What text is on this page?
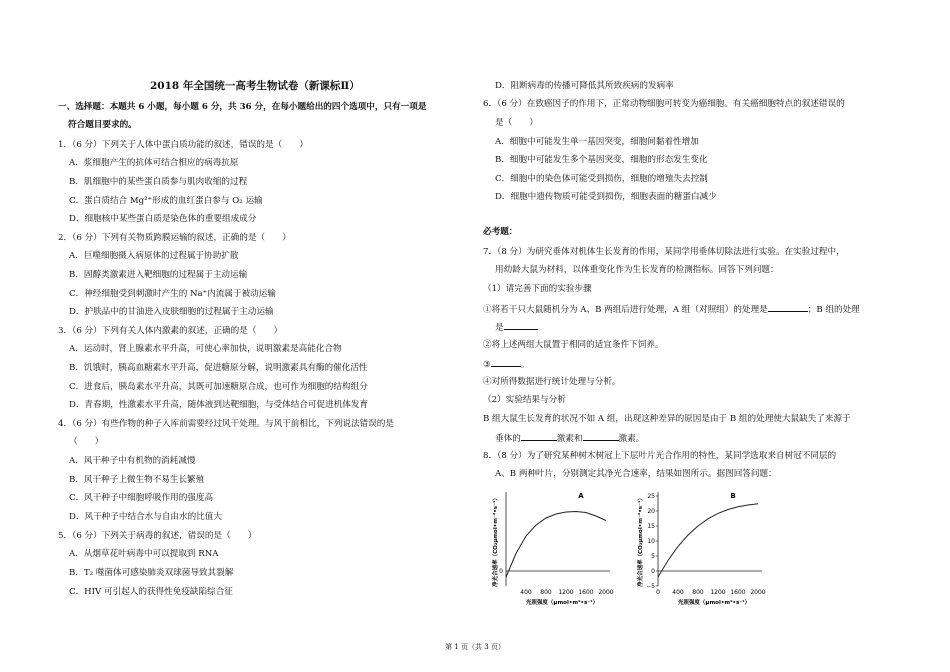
2018 年全国统一高考生物试卷（新课标Ⅱ）
一、选择题：本题共 6 小题，每小题 6 分，共 36 分，在每小题给出的四个选项中，只有一项是
符合题目要求的。
1．（6 分）下列关于人体中蛋白质功能的叙述，错误的是（　　）
A．浆细胞产生的抗体可结合相应的病毒抗原
B．肌细胞中的某些蛋白质参与肌肉收缩的过程
C．蛋白质结合 Mg²⁺形成的血红蛋白参与 O₂ 运输
D．细胞核中某些蛋白质是染色体的重要组成成分
2．（6 分）下列有关物质跨膜运输的叙述，正确的是（　　）
A．巨噬细胞摄入病原体的过程属于协助扩散
B．固醇类激素进入靶细胞的过程属于主动运输
C．神经细胞受到刺激时产生的 Na⁺内流属于被动运输
D．护肤品中的甘油进入皮肤细胞的过程属于主动运输
3．（6 分）下列有关人体内激素的叙述，正确的是（　　）
A．运动时，肾上腺素水平升高，可使心率加快，说明激素是高能化合物
B．饥饿时，胰高血糖素水平升高，促进糖原分解，说明激素具有酶的催化活性
C．进食后，胰岛素水平升高，其既可加速糖原合成，也可作为细胞的结构组分
D．青春期，性激素水平升高，随体液到达靶细胞，与受体结合可促进机体发育
4．（6 分）有些作物的种子入库前需要经过风干处理。与风干前相比，下列说法错误的是
（　　）
A．风干种子中有机物的消耗减慢
B．风干种子上微生物不易生长繁殖
C．风干种子中细胞呼吸作用的强度高
D．风干种子中结合水与自由水的比值大
5．（6 分）下列关于病毒的叙述，错误的是（　　）
A．从烟草花叶病毒中可以提取到 RNA
B．T₂ 噬菌体可感染肺炎双球菌导致其裂解
C．HIV 可引起人的获得性免疫缺陷综合征
D．阻断病毒的传播可降低其所致疾病的发病率
6．（6 分）在致癌因子的作用下，正常动物细胞可转变为癌细胞。有关癌细胞特点的叙述错误的
是（　　）
A．细胞中可能发生单一基因突变，细胞间黏着性增加
B．细胞中可能发生多个基因突变，细胞的形态发生变化
C．细胞中的染色体可能受到损伤，细胞的增殖失去控制
D．细胞中遗传物质可能受到损伤，细胞表面的糖蛋白减少
必考题：
7．（8 分）为研究垂体对机体生长发育的作用，某同学用垂体切除法进行实验。在实验过程中，
用幼龄大鼠为材料，以体重变化作为生长发育的检测指标。回答下列问题：
（1）请完善下面的实验步骤
①将若干只大鼠随机分为 A、B 两组后进行处理，A 组（对照组）的处理是	；B 组的处理
是
②将上述两组大鼠置于相同的适宜条件下饲养。
③	。
④对所得数据进行统计处理与分析。
（2）实验结果与分析
B 组大鼠生长发育的状况不如 A 组，出现这种差异的原因是由于 B 组的处理使大鼠缺失了来源于
垂体的	激素和	激素。
8．（8 分）为了研究某种树木树冠上下层叶片光合作用的特性，某同学选取来自树冠不同层的
A、B 两种叶片，分别测定其净光合速率，结果如图所示。据图回答问题：
400 800 1200 1600 2000
0
A
光照强度（μmol•m²•s⁻¹）
净光合速率（CO₂μmol•m⁻²•s⁻¹）
0 400 800 1200 1600 2000
−5
0
5
10
15
20
25	B
光照强度（μmol•m²•s⁻¹）
净光合速率（CO₂μmol•m⁻²•s⁻¹）
第 1 页（共 3 页）
